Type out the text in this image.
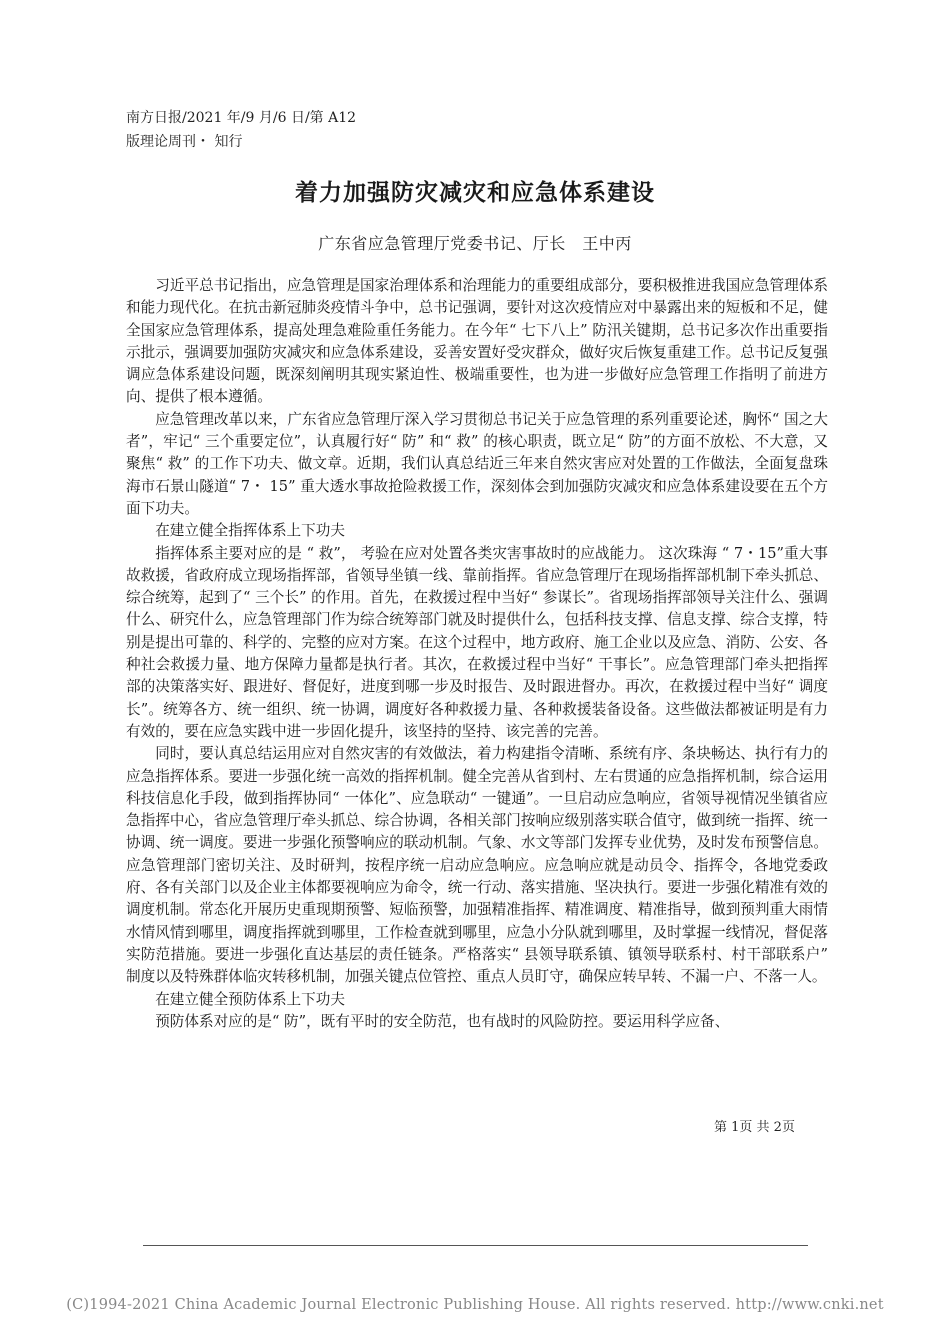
南方日报/2021 年/9 月/6 日/第 A12
版理论周刊・ 知行
着力加强防灾减灾和应急体系建设
广东省应急管理厅党委书记、厅长　王中丙

习近平总书记指出，应急管理是国家治理体系和治理能力的重要组成部分，要积极推进我国应急管理体系和能力现代化。在抗击新冠肺炎疫情斗争中，总书记强调，要针对这次疫情应对中暴露出来的短板和不足，健全国家应急管理体系，提高处理急难险重任务能力。在今年“ 七下八上” 防汛关键期，总书记多次作出重要指示批示，强调要加强防灾减灾和应急体系建设，妥善安置好受灾群众，做好灾后恢复重建工作。总书记反复强调应急体系建设问题，既深刻阐明其现实紧迫性、极端重要性，也为进一步做好应急管理工作指明了前进方向、提供了根本遵循。

应急管理改革以来，广东省应急管理厅深入学习贯彻总书记关于应急管理的系列重要论述，胸怀“ 国之大者”，牢记“ 三个重要定位”，认真履行好“ 防” 和“ 救” 的核心职责，既立足“ 防”的方面不放松、不大意，又聚焦“ 救” 的工作下功夫、做文章。近期，我们认真总结近三年来自然灾害应对处置的工作做法，全面复盘珠海市石景山隧道“ 7・ 15” 重大透水事故抢险救援工作，深刻体会到加强防灾减灾和应急体系建设要在五个方面下功夫。

在建立健全指挥体系上下功夫

指挥体系主要对应的是 “ 救”， 考验在应对处置各类灾害事故时的应战能力。 这次珠海 “ 7・15”重大事故救援，省政府成立现场指挥部，省领导坐镇一线、靠前指挥。省应急管理厅在现场指挥部机制下牵头抓总、综合统筹，起到了“ 三个长” 的作用。首先，在救援过程中当好“ 参谋长”。省现场指挥部领导关注什么、强调什么、研究什么，应急管理部门作为综合统筹部门就及时提供什么，包括科技支撑、信息支撑、综合支撑，特别是提出可靠的、科学的、完整的应对方案。在这个过程中，地方政府、施工企业以及应急、消防、公安、各种社会救援力量、地方保障力量都是执行者。其次，在救援过程中当好“ 干事长”。应急管理部门牵头把指挥部的决策落实好、跟进好、督促好，进度到哪一步及时报告、及时跟进督办。再次，在救援过程中当好“ 调度长”。统筹各方、统一组织、统一协调，调度好各种救援力量、各种救援装备设备。这些做法都被证明是有力有效的，要在应急实践中进一步固化提升，该坚持的坚持、该完善的完善。

同时，要认真总结运用应对自然灾害的有效做法，着力构建指令清晰、系统有序、条块畅达、执行有力的应急指挥体系。要进一步强化统一高效的指挥机制。健全完善从省到村、左右贯通的应急指挥机制，综合运用科技信息化手段，做到指挥协同“ 一体化”、应急联动“ 一键通”。一旦启动应急响应，省领导视情况坐镇省应急指挥中心，省应急管理厅牵头抓总、综合协调，各相关部门按响应级别落实联合值守，做到统一指挥、统一协调、统一调度。要进一步强化预警响应的联动机制。气象、水文等部门发挥专业优势，及时发布预警信息。应急管理部门密切关注、及时研判，按程序统一启动应急响应。应急响应就是动员令、指挥令，各地党委政府、各有关部门以及企业主体都要视响应为命令，统一行动、落实措施、坚决执行。要进一步强化精准有效的调度机制。常态化开展历史重现期预警、短临预警，加强精准指挥、精准调度、精准指导，做到预判重大雨情水情风情到哪里，调度指挥就到哪里，工作检查就到哪里，应急小分队就到哪里，及时掌握一线情况，督促落实防范措施。要进一步强化直达基层的责任链条。严格落实“ 县领导联系镇、镇领导联系村、村干部联系户” 制度以及特殊群体临灾转移机制，加强关键点位管控、重点人员盯守，确保应转早转、不漏一户、不落一人。

在建立健全预防体系上下功夫

预防体系对应的是“ 防”，既有平时的安全防范，也有战时的风险防控。要运用科学应备、

第 1页 共 2页
(C)1994-2021 China Academic Journal Electronic Publishing House. All rights reserved. http://www.cnki.net
